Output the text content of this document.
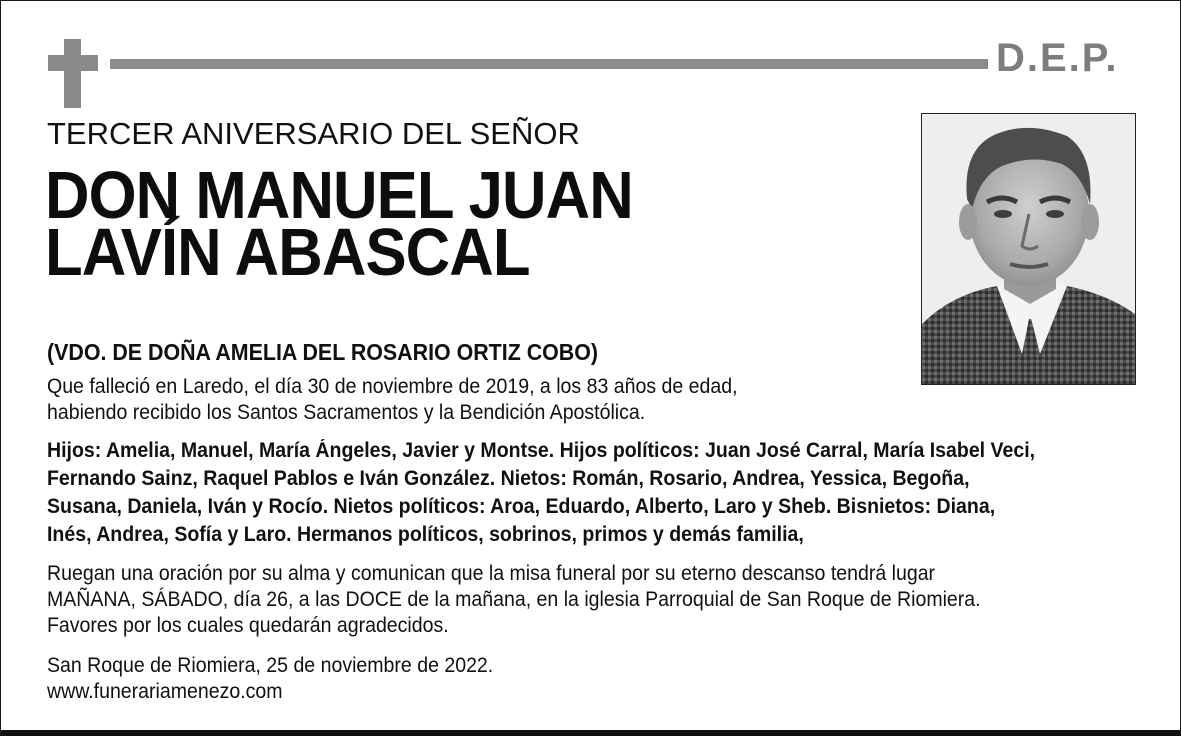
D.E.P.
TERCER ANIVERSARIO DEL SEÑOR
DON MANUEL JUAN
LAVÍN ABASCAL
(VDO. DE DOÑA AMELIA DEL ROSARIO ORTIZ COBO)
Que falleció en Laredo, el día 30 de noviembre de 2019, a los 83 años de edad,
habiendo recibido los Santos Sacramentos y la Bendición Apostólica.
Hijos: Amelia, Manuel, María Ángeles, Javier y Montse. Hijos políticos: Juan José Carral, María Isabel Veci,
Fernando Sainz, Raquel Pablos e Iván González. Nietos: Román, Rosario, Andrea, Yessica, Begoña,
Susana, Daniela, Iván y Rocío. Nietos políticos: Aroa, Eduardo, Alberto, Laro y Sheb. Bisnietos: Diana,
Inés, Andrea, Sofía y Laro. Hermanos políticos, sobrinos, primos y demás familia,
Ruegan una oración por su alma y comunican que la misa funeral por su eterno descanso tendrá lugar
MAÑANA, SÁBADO, día 26, a las DOCE de la mañana, en la iglesia Parroquial de San Roque de Riomiera.
Favores por los cuales quedarán agradecidos.
San Roque de Riomiera, 25 de noviembre de 2022.
www.funerariamenezo.com
